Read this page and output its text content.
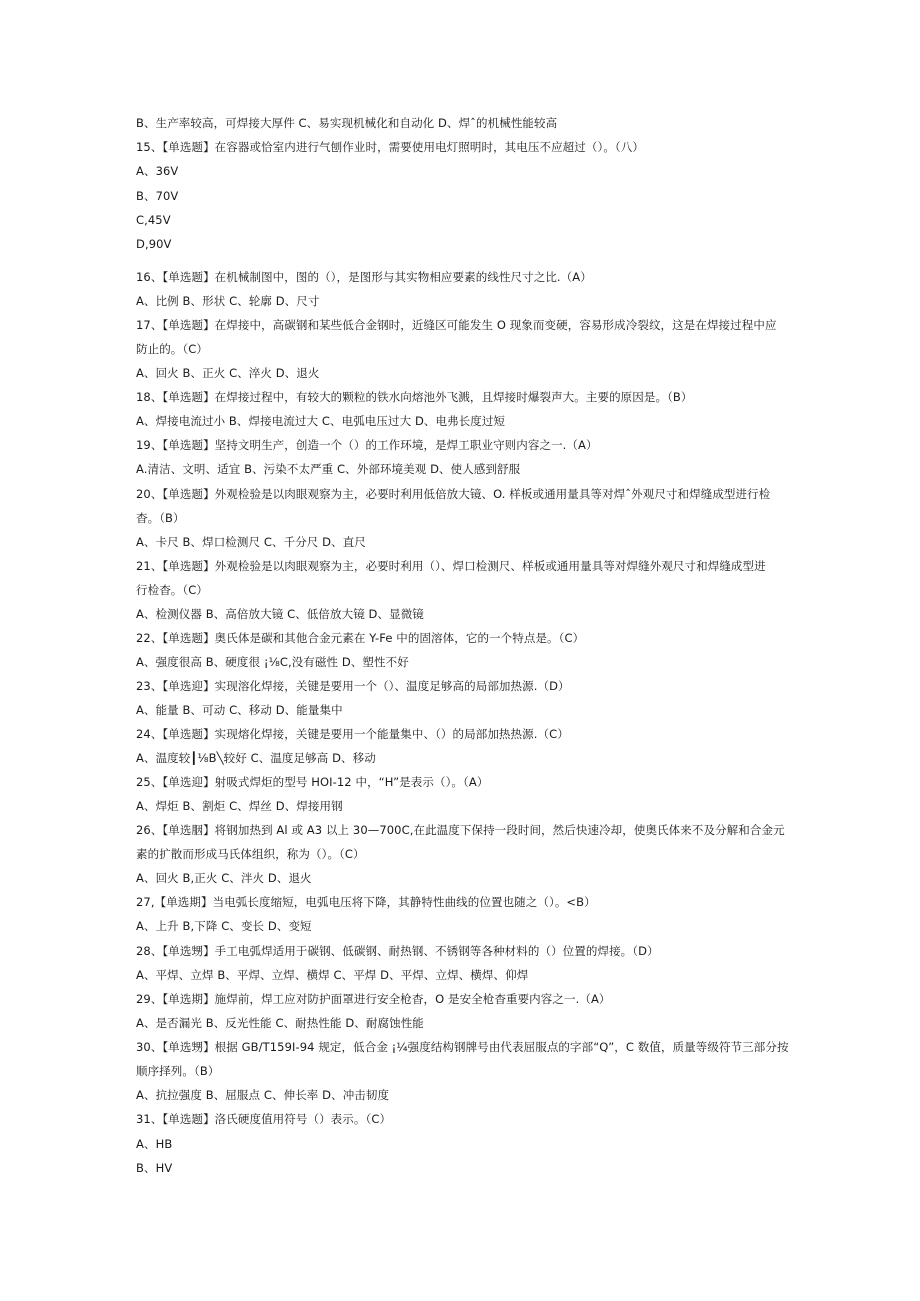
B、生产率较高，可焊接大厚件 C、易实现机械化和自动化 D、焊ˆ的机械性能较高
15、【单选题】在容器或恰室内进行气刨作业时，需要使用电灯照明时，其电压不应超过（）。（八）
A、36V
B、70V
C,45V
D,90V
16、【单选题】在机械制图中，图的（），是图形与其实物相应要素的线性尺寸之比.（A）
A、比例 B、形状 C、轮廓 D、尺寸
17、【单选题】在焊接中，高碳钢和某些低合金钢时，近缝区可能发生 O 现象而变硬，容易形成冷裂纹，这是在焊接过程中应
防止的。（C）
A、回火 B、正火 C、淬火 D、退火
18、【单选题】在焊接过程中，有较大的颗粒的铁水向熔池外飞溅，且焊接时爆裂声大。主要的原因是。（B）
A、焊接电流过小 B、焊接电流过大 C、电弧电压过大 D、电弗长度过短
19、【单选题】坚持文明生产，创造一个（）的工作环境，是焊工职业守则内容之一.（A）
A.清洁、文明、适宜 B、污染不太严重 C、外部环境美观 D、使人感到舒服
20、【单选题】外观检验是以肉眼观察为主，必要时利用低倍放大镜、O. 样板或通用量具等对焊ˆ外观尺寸和焊缝成型进行检
杳。（B）
A、卡尺 B、焊口检测尺 C、千分尺 D、直尺
21、【单选题】外观检验是以肉眼观察为主，必要时利用（）、焊口检测尺、样板或通用量具等对焊缝外观尺寸和焊缝成型进
行检杳。（C）
A、检测仪器 B、高倍放大镜 C、低倍放大镜 D、显微镜
22、【单选题】奥氏体是碳和其他合金元素在 Y-Fe 中的固溶体，它的一个特点是。（C）
A、强度很高 B、硬度很 ¡⅛C,没有磁性 D、塑性不好
23、【单选迎】实现溶化焊接，关键是要用一个（）、温度足够高的局部加热源.（D）
A、能量 B、可动 C、移动 D、能量集中
24、【单选题】实现熔化焊接，关键是要用一个能量集中、（）的局部加热热源.（C）
A、温度较┃⅛B╲较好 C、温度足够高 D、移动
25、【单选迎】射吸式焊炬的型号 HOI-12 中，“H”是表示（）。（A）
A、焊炬 B、割炬 C、焊丝 D、焊接用钢
26、【单选胭】将钢加热到 Al 或 A3 以上 30—700C,在此温度下保持一段时间，然后快速冷却，使奥氏体来不及分解和合金元
素的扩散而形成马氏体组织，称为（）。（C）
A、回火 B,正火 C、泮火 D、退火
27,【单选期】当电弧长度缩短，电弧电压将下降，其静特性曲线的位置也随之（）。<B）
A、上升 B,下降 C、变长 D、变短
28、【单选甥】手工电弧焊适用于碳钢、低碳钢、耐热钢、不锈钢等各种材料的（）位置的焊接。（D）
A、平焊、立焊 B、平焊、立焊、横焊 C、平焊 D、平焊、立焊、横焊、仰焊
29、【单选期】施焊前，焊工应对防护面罩进行安全枪杳，O 是安全枪杳重要内容之一.（A）
A、是否漏光 B、反光性能 C、耐热性能 D、耐腐蚀性能
30、【单选甥】根据 GB/T159I-94 规定，低合金 ¡¼强度结构钢牌号由代表屈服点的字部“Q”，C 数值，质量等级符节三部分按
顺序择列。（B）
A、抗拉强度 B、屈服点 C、伸长率 D、冲击韧度
31、【单选题】洛氏硬度值用符号（）表示。（C）
A、HB
B、HV
